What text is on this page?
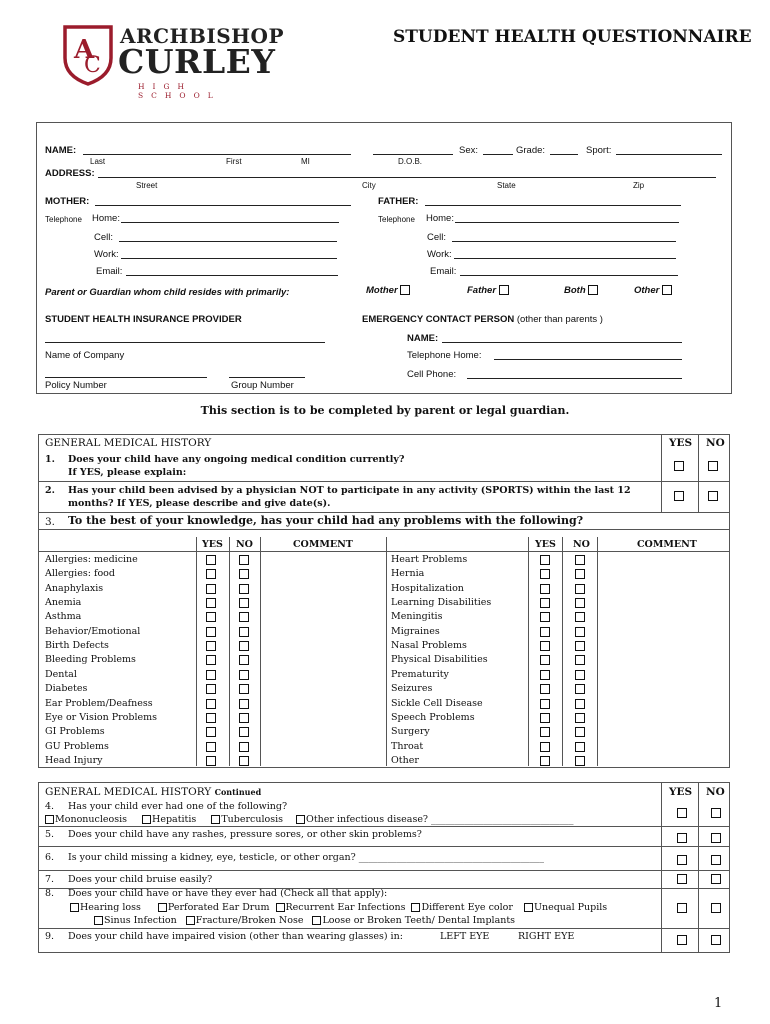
A
C
ARCHBISHOP
CURLEY
HIGH SCHOOL
STUDENT HEALTH QUESTIONNAIRE
NAME:	Sex:	Grade:	Sport:
Last	First	MI	D.O.B.
ADDRESS:
Street	City	State	Zip
MOTHER:	FATHER:
Telephone Home:	Telephone Home:
Cell:	Cell:
Work:	Work:
Email:	Email:
Parent or Guardian whom child resides with primarily:	Mother	Father	Both	Other
STUDENT HEALTH INSURANCE PROVIDER
Name of Company
Policy Number	Group Number
EMERGENCY CONTACT PERSON (other than parents )
NAME:
Telephone Home:
Cell Phone:
This section is to be completed by parent or legal guardian.
GENERAL MEDICAL HISTORY	YES NO
1. Does your child have any ongoing medical condition currently?
If YES, please explain:
2. Has your child been advised by a physician NOT to participate in any activity (SPORTS) within the last 12
months? If YES, please describe and give date(s).
3. To the best of your knowledge, has your child had any problems with the following?
YES NO	COMMENT	YES NO	COMMENT
Allergies: medicine	Heart Problems
Allergies: food	Hernia
Anaphylaxis	Hospitalization
Anemia	Learning Disabilities
Asthma	Meningitis
Behavior/Emotional	Migraines
Birth Defects	Nasal Problems
Bleeding Problems	Physical Disabilities
Dental	Prematurity
Diabetes	Seizures
Ear Problem/Deafness	Sickle Cell Disease
Eye or Vision Problems	Speech Problems
GI Problems	Surgery
GU Problems	Throat
Head Injury	Other
GENERAL MEDICAL HISTORY Continued	YES NO
4. Has your child ever had one of the following?
Mononucleosis	Hepatitis	Tuberculosis Other infectious disease? ______________________________
5. Does your child have any rashes, pressure sores, or other skin problems?
6. Is your child missing a kidney, eye, testicle, or other organ? _______________________________________
7. Does your child bruise easily?
8. Does your child have or have they ever had (Check all that apply):
Hearing loss	Perforated Ear Drum Recurrent Ear Infections Different Eye color Unequal Pupils
Sinus Infection Fracture/Broken Nose Loose or Broken Teeth/ Dental Implants
9. Does your child have impaired vision (other than wearing glasses) in:	LEFT EYE	RIGHT EYE
1
